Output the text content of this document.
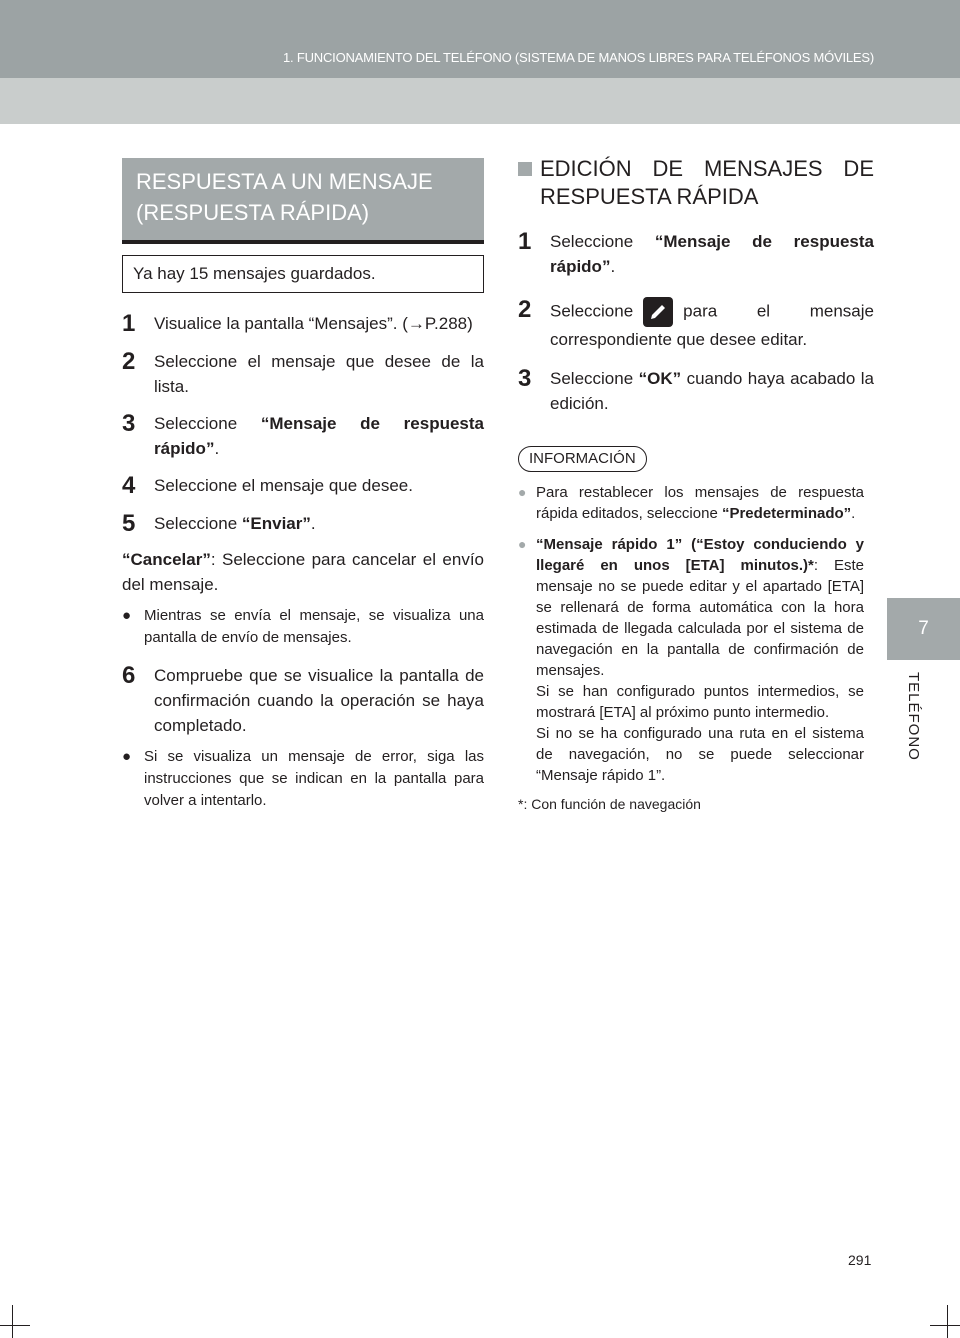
1. FUNCIONAMIENTO DEL TELÉFONO (SISTEMA DE MANOS LIBRES PARA TELÉFONOS MÓVILES)
7
TELÉFONO
291
RESPUESTA A UN MENSAJE (RESPUESTA RÁPIDA)
Ya hay 15 mensajes guardados.
1	Visualice la pantalla “Mensajes”. (→P.288)
2	Seleccione el mensaje que desee de la lista.
3	Seleccione “Mensaje de respuesta rápido”.
4	Seleccione el mensaje que desee.
5	Seleccione “Enviar”.
“Cancelar”: Seleccione para cancelar el envío del mensaje.
● Mientras se envía el mensaje, se visualiza una pantalla de envío de mensajes.
6	Compruebe que se visualice la pantalla de confirmación cuando la operación se haya completado.
● Si se visualiza un mensaje de error, siga las instrucciones que se indican en la pantalla para volver a intentarlo.
EDICIÓN DE MENSAJES DE RESPUESTA RÁPIDA
1	Seleccione “Mensaje de respuesta rápido”.
2	Seleccione	para el mensaje correspondiente que desee editar.
3	Seleccione “OK” cuando haya acabado la edición.
INFORMACIÓN
● Para restablecer los mensajes de respuesta rápida editados, seleccione “Predeterminado”.
● “Mensaje rápido 1” (“Estoy conduciendo y llegaré en unos [ETA] minutos.)*: Este mensaje no se puede editar y el apartado [ETA] se rellenará de forma automática con la hora estimada de llegada calculada por el sistema de navegación en la pantalla de confirmación de mensajes.
Si se han configurado puntos intermedios, se mostrará [ETA] al próximo punto intermedio.
Si no se ha configurado una ruta en el sistema de navegación, no se puede seleccionar “Mensaje rápido 1”.
*: Con función de navegación
